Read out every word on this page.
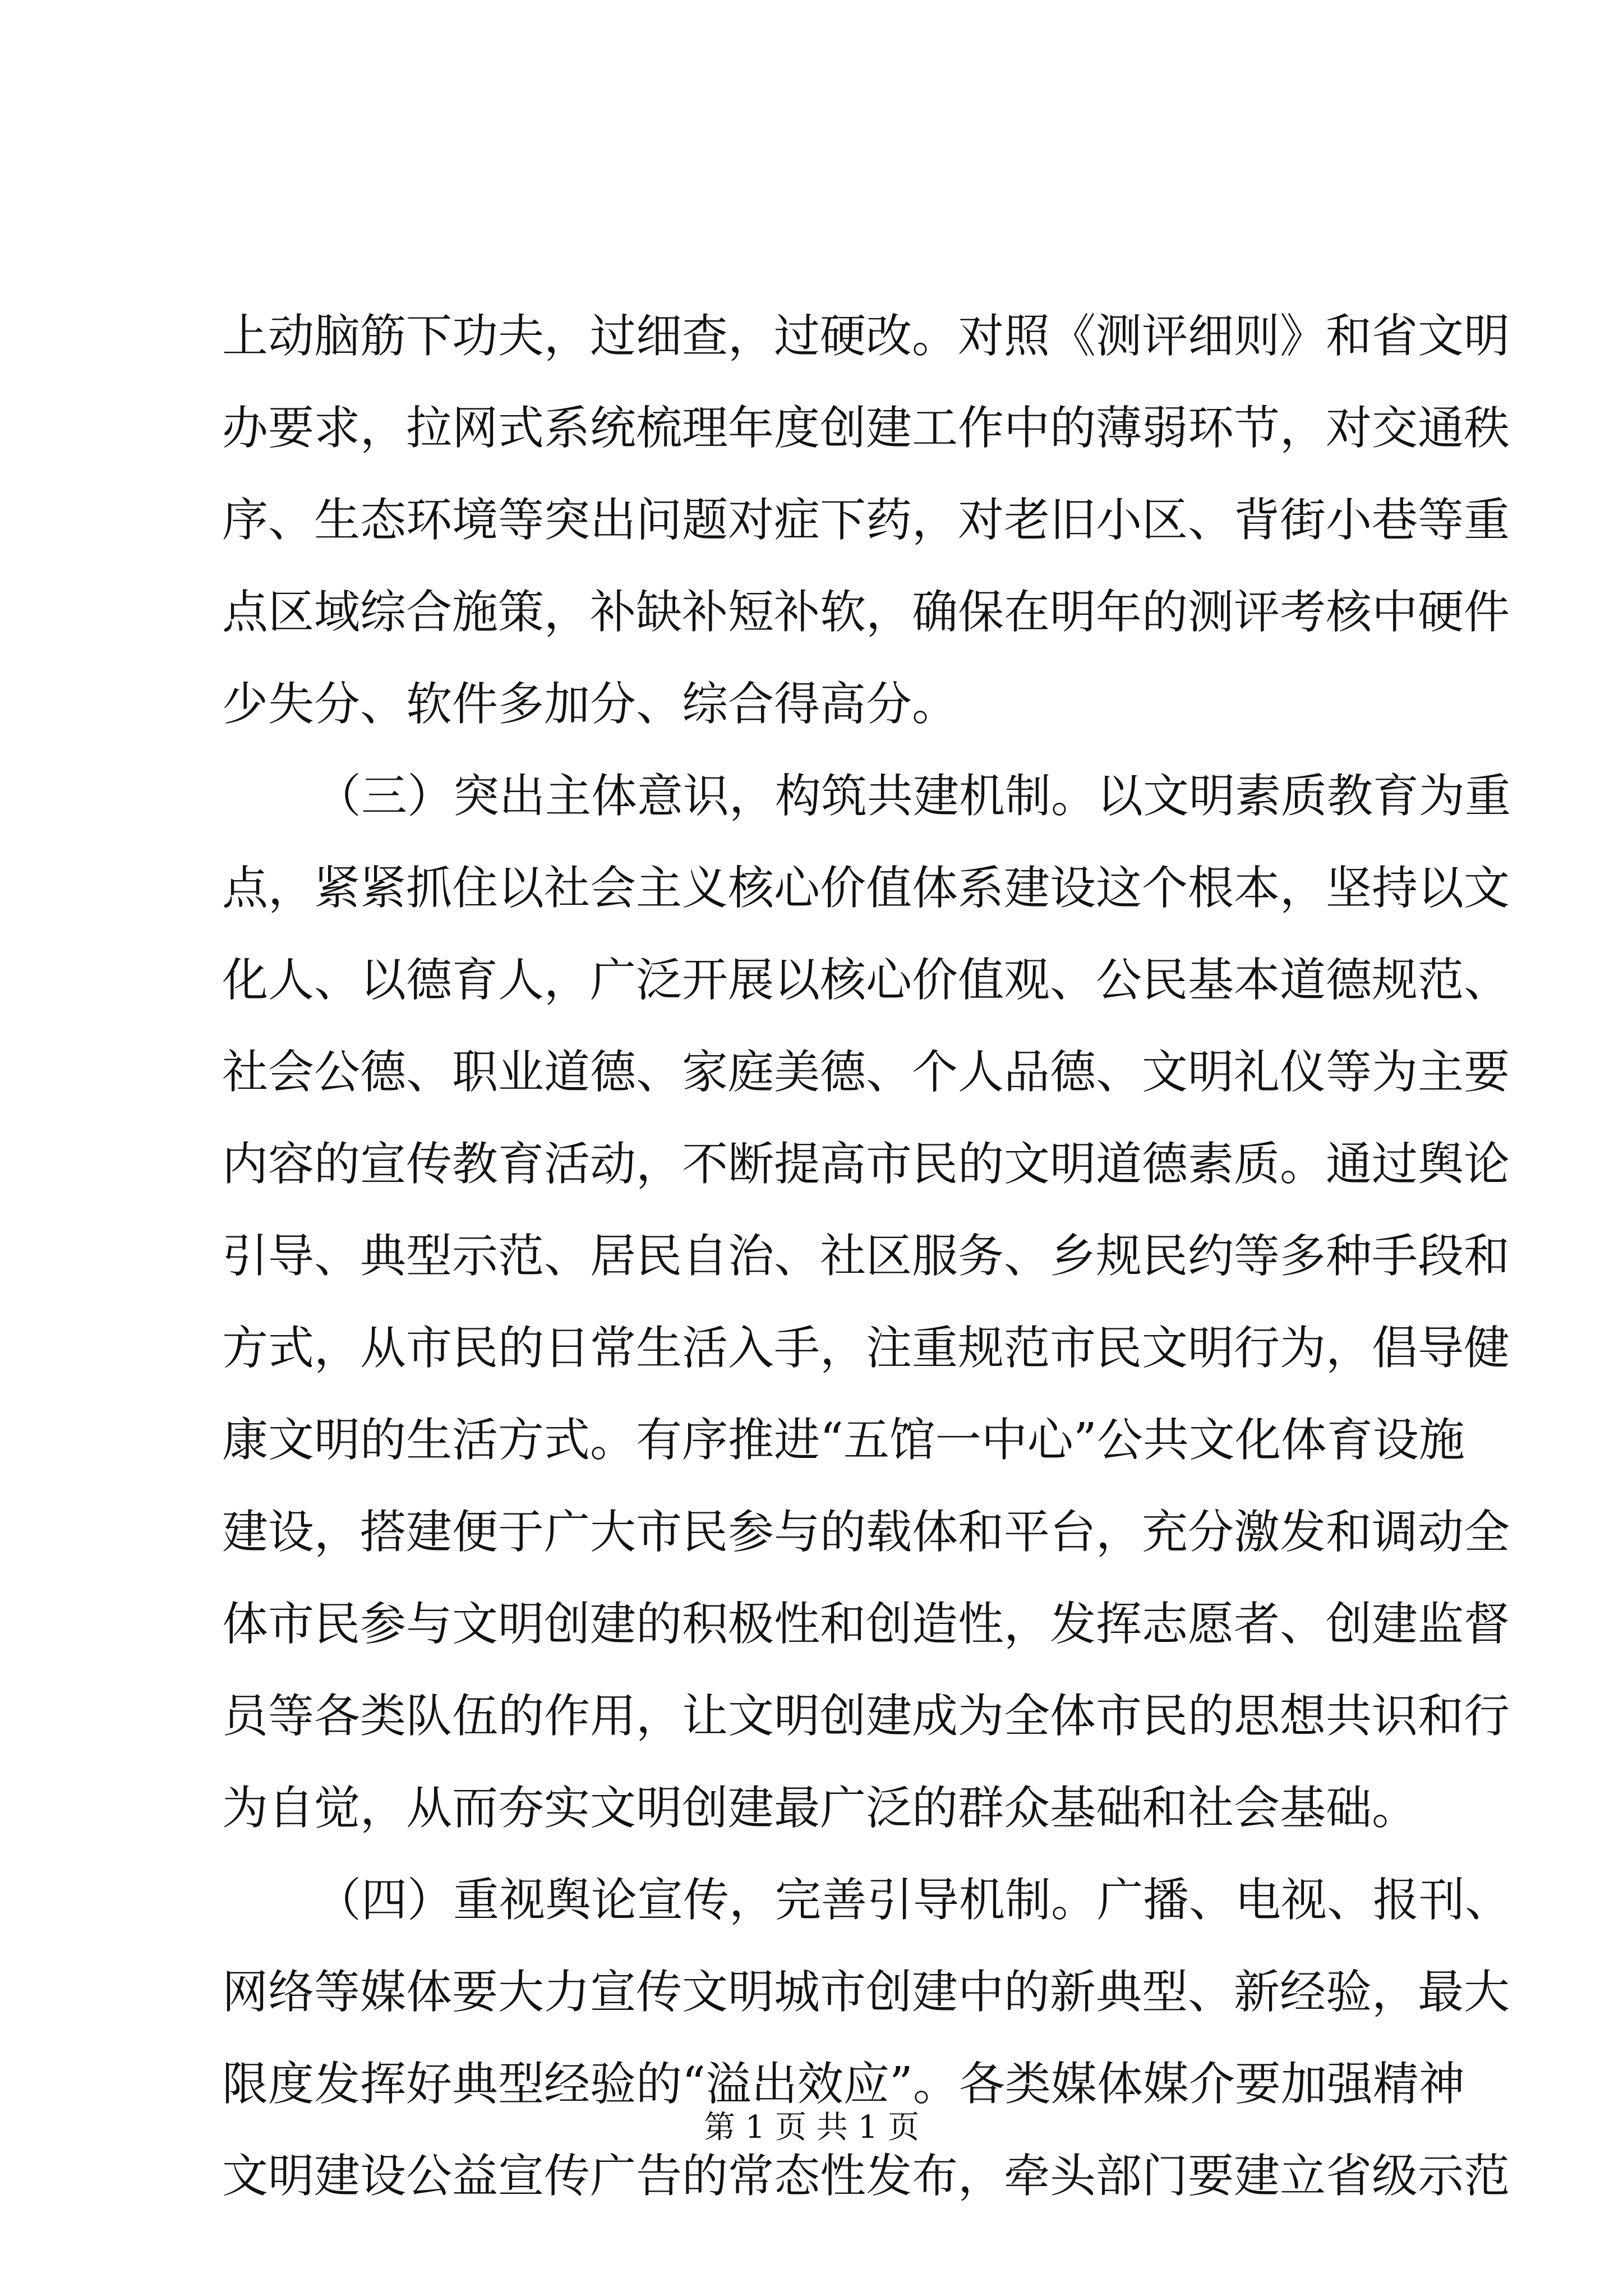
上动脑筋下功夫，过细查，过硬改。对照《测评细则》和省文明
办要求，拉网式系统梳理年度创建工作中的薄弱环节，对交通秩
序、生态环境等突出问题对症下药，对老旧小区、背街小巷等重
点区域综合施策，补缺补短补软，确保在明年的测评考核中硬件
少失分、软件多加分、综合得高分。
（三）突出主体意识，构筑共建机制。以文明素质教育为重
点，紧紧抓住以社会主义核心价值体系建设这个根本，坚持以文
化人、以德育人，广泛开展以核心价值观、公民基本道德规范、
社会公德、职业道德、家庭美德、个人品德、文明礼仪等为主要
内容的宣传教育活动，不断提高市民的文明道德素质。通过舆论
引导、典型示范、居民自治、社区服务、乡规民约等多种手段和
方式，从市民的日常生活入手，注重规范市民文明行为，倡导健
康文明的生活方式。有序推进“五馆一中心”公共文化体育设施
建设，搭建便于广大市民参与的载体和平台，充分激发和调动全
体市民参与文明创建的积极性和创造性，发挥志愿者、创建监督
员等各类队伍的作用，让文明创建成为全体市民的思想共识和行
为自觉，从而夯实文明创建最广泛的群众基础和社会基础。
（四）重视舆论宣传，完善引导机制。广播、电视、报刊、
网络等媒体要大力宣传文明城市创建中的新典型、新经验，最大
限度发挥好典型经验的“溢出效应”。各类媒体媒介要加强精神
文明建设公益宣传广告的常态性发布，牵头部门要建立省级示范
第 1 页 共 1 页
